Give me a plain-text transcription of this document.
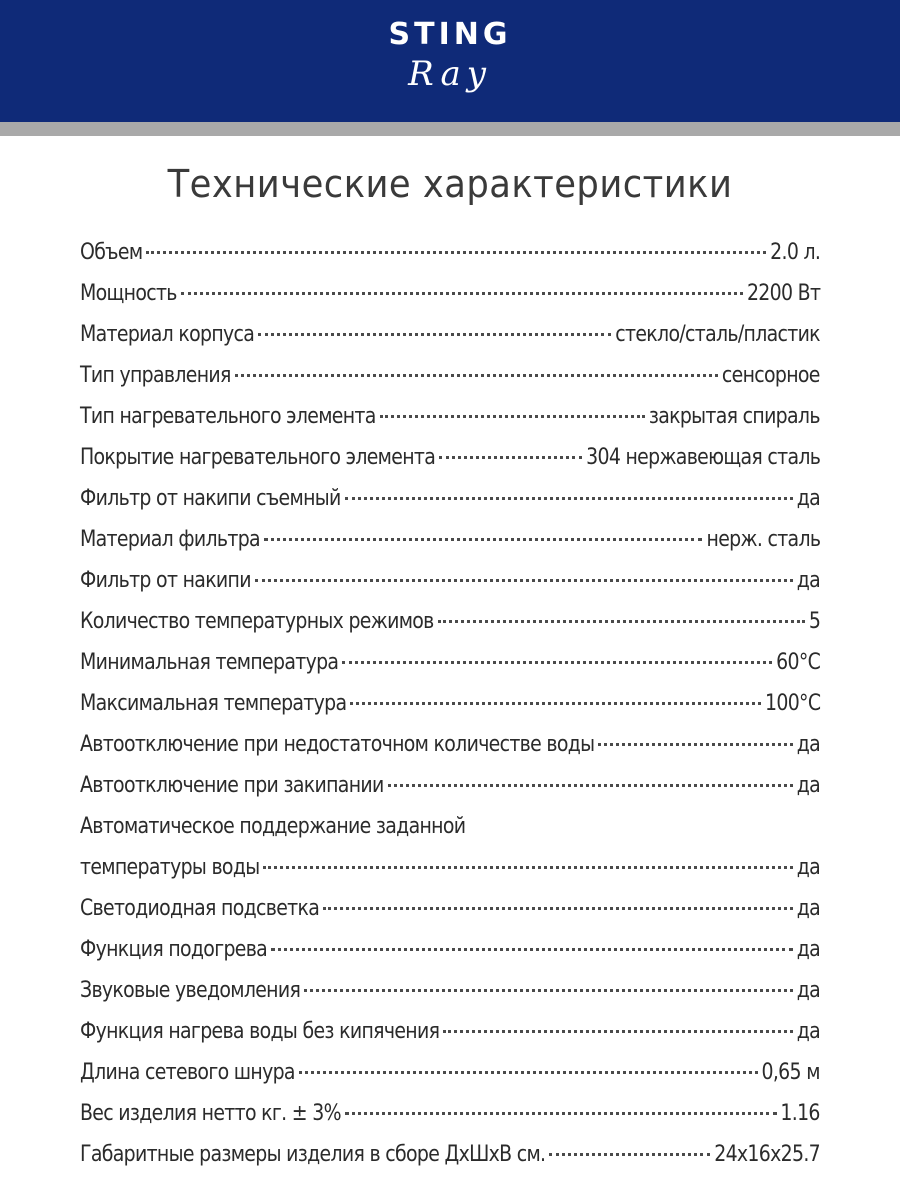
STING
Ray
Технические характеристики
Объем	2.0 л.
Мощность	2200 Вт
Материал корпуса	стекло/сталь/пластик
Тип управления	сенсорное
Тип нагревательного элемента	закрытая спираль
Покрытие нагревательного элемента	304 нержавеющая сталь
Фильтр от накипи съемный	да
Материал фильтра	нерж. сталь
Фильтр от накипи	да
Количество температурных режимов	5
Минимальная температура	60°C
Максимальная температура	100°C
Автоотключение при недостаточном количестве воды	да
Автоотключение при закипании	да
Автоматическое поддержание заданной
температуры воды	да
Светодиодная подсветка	да
Функция подогрева	да
Звуковые уведомления	да
Функция нагрева воды без кипячения	да
Длина сетевого шнура	0,65 м
Вес изделия нетто кг. ± 3%	1.16
Габаритные размеры изделия в сборе ДхШхВ см.	24х16х25.7
